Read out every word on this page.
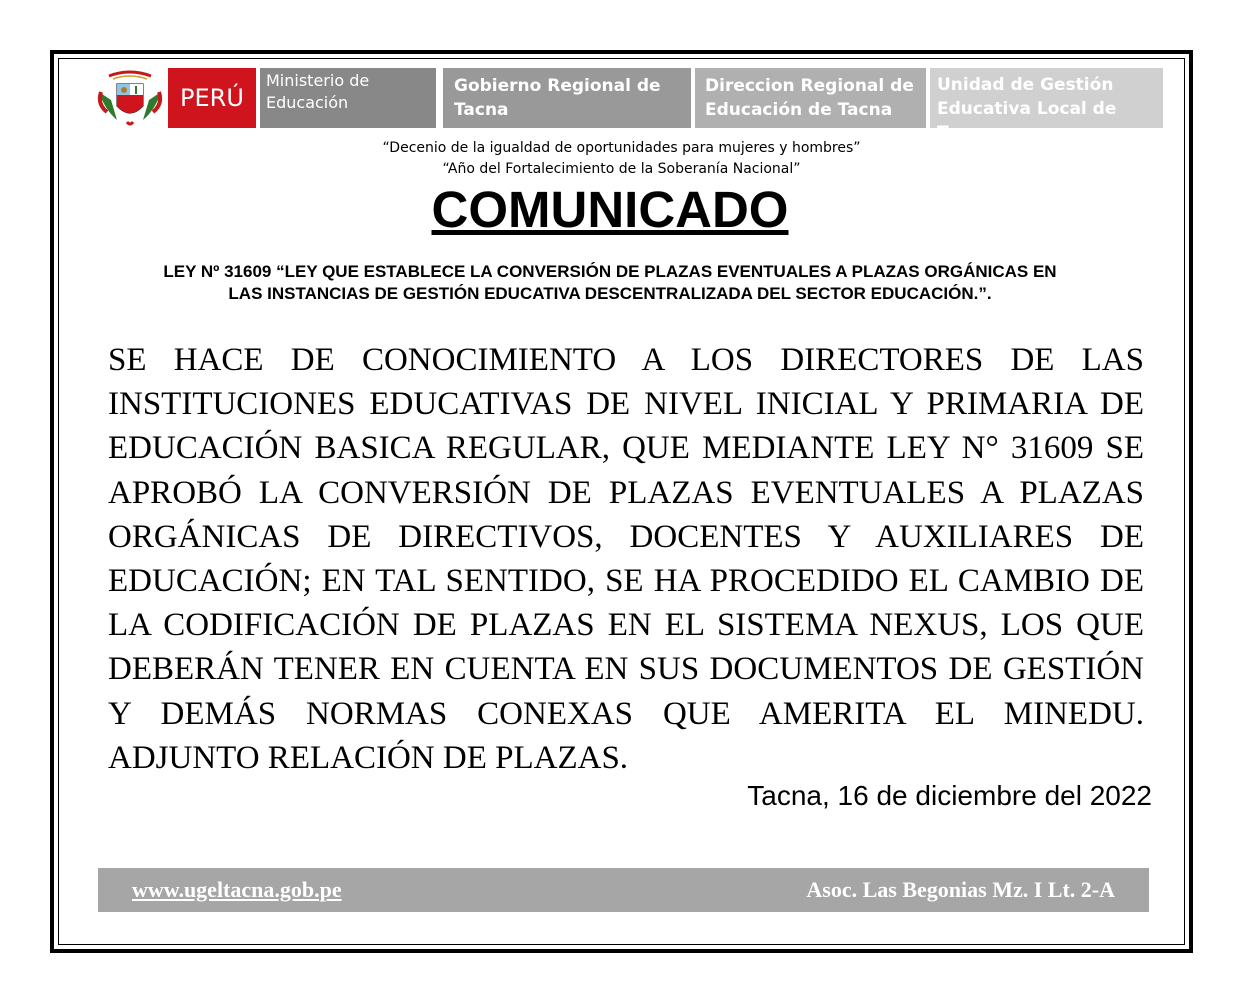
PERÚ
Ministerio de
Educación
Gobierno Regional de
Tacna
Direccion Regional de
Educación de Tacna
Unidad de Gestión
Educativa Local de Tacna
“Decenio de la igualdad de oportunidades para mujeres y hombres”
“Año del Fortalecimiento de la Soberanía Nacional”
COMUNICADO
LEY Nº 31609 “LEY QUE ESTABLECE LA CONVERSIÓN DE PLAZAS EVENTUALES A PLAZAS ORGÁNICAS EN
LAS INSTANCIAS DE GESTIÓN EDUCATIVA DESCENTRALIZADA DEL SECTOR EDUCACIÓN.”.

SE HACE DE CONOCIMIENTO A LOS DIRECTORES DE LAS INSTITUCIONES EDUCATIVAS DE NIVEL INICIAL Y PRIMARIA DE EDUCACIÓN BASICA REGULAR, QUE MEDIANTE LEY N° 31609 SE APROBÓ LA CONVERSIÓN DE PLAZAS EVENTUALES A PLAZAS ORGÁNICAS DE DIRECTIVOS, DOCENTES Y AUXILIARES DE EDUCACIÓN; EN TAL SENTIDO, SE HA PROCEDIDO EL CAMBIO DE LA CODIFICACIÓN DE PLAZAS EN EL SISTEMA NEXUS, LOS QUE DEBERÁN TENER EN CUENTA EN SUS DOCUMENTOS DE GESTIÓN Y DEMÁS NORMAS CONEXAS QUE AMERITA EL MINEDU. ADJUNTO RELACIÓN DE PLAZAS.

Tacna, 16 de diciembre del 2022
www.ugeltacna.gob.pe	Asoc. Las Begonias Mz. I Lt. 2-A
